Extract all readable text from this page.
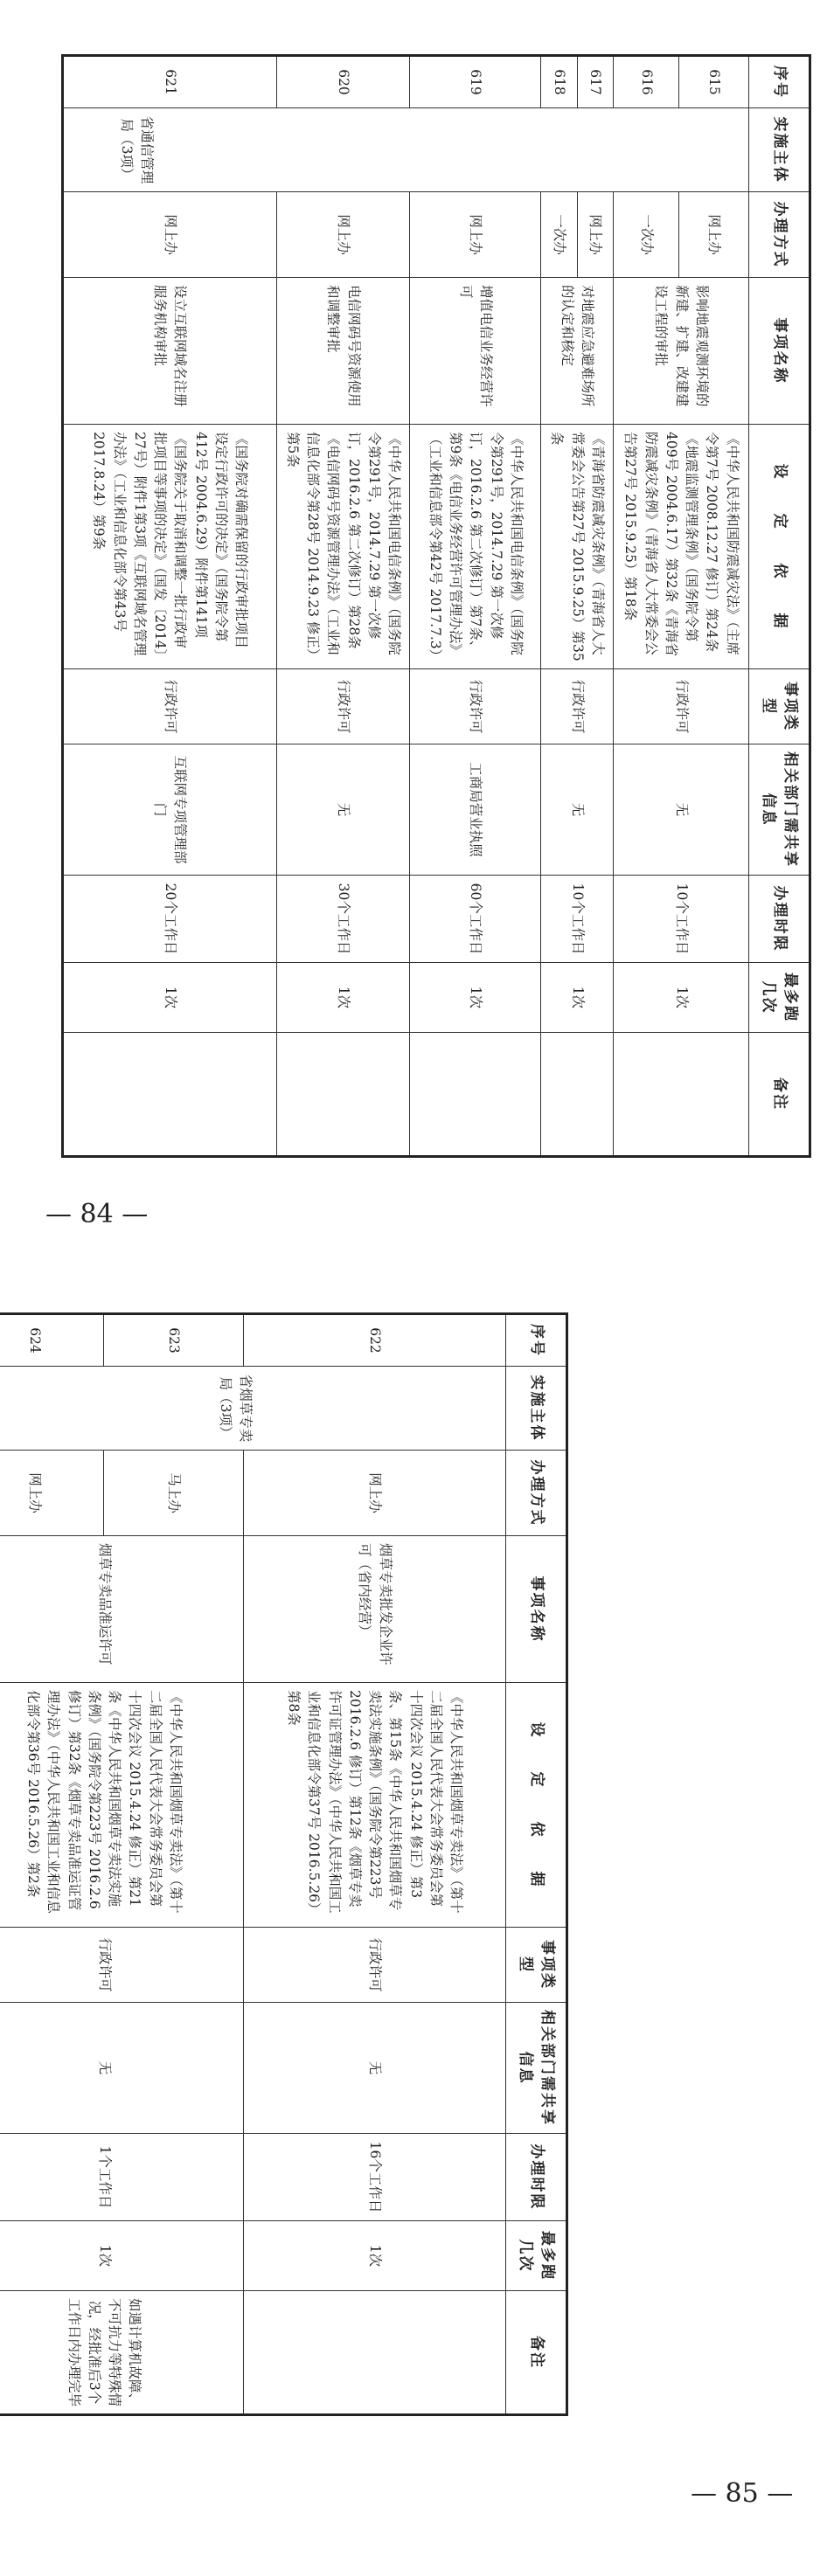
序号	实施主体	办理方式	事项名称	设　　定　　依　　据	事项类型	相关部门需共享信息	办理时限	最多跑几次	备注
615	省通信管理局（3项）	网上办	影响地震观测环境的新建、扩建、改建建设工程的审批	《中华人民共和国防震减灾法》（主席令第7号 2008.12.27 修订）第24条《地震监测管理条例》（国务院令第409号 2004.6.17）第32条《青海省防震减灾条例》（青海省人大常委会公告第27号 2015.9.25）第18条	行政许可	无	10个工作日	1次	
616		一次办							
617		网上办	对地震应急避难场所的认定和核定	《青海省防震减灾条例》（青海省人大常委会公告第27号 2015.9.25）第35条	行政许可	无	10个工作日	1次	
618		一次办							
619		网上办	增值电信业务经营许可	《中华人民共和国电信条例》（国务院令第291号，2014.7.29 第一次修订，2016.2.6 第二次修订）第7条、第9条《电信业务经营许可管理办法》（工业和信息部令第42号 2017.7.3）	行政许可	工商局营业执照	60个工作日	1次	
620		网上办	电信网码号资源使用和调整审批	《中华人民共和国电信条例》（国务院令第291号，2014.7.29 第一次修订，2016.2.6 第二次修订）第28条《电信网码号资源管理办法》（工业和信息化部令第28号 2014.9.23 修正）第5条	行政许可	无	30个工作日	1次	
621		网上办	设立互联网域名注册服务机构审批	《国务院对确需保留的行政审批项目设定行政许可的决定》（国务院令第412号 2004.6.29）附件第141项《国务院关于取消和调整一批行政审批项目等事项的决定》（国发〔2014〕27号）附件1第3项《互联网域名管理办法》（工业和信息化部令第43号 2017.8.24）第9条	行政许可	互联网专项管理部门	20个工作日	1次	
— 84 —
序号	实施主体	办理方式	事项名称	设　　定　　依　　据	事项类型	相关部门需共享信息	办理时限	最多跑几次	备注
622	省烟草专卖局（3项）	网上办	烟草专卖批发企业许可（省内经营）	《中华人民共和国烟草专卖法》（第十二届全国人民代表大会常务委员会第十四次会议 2015.4.24 修正）第3条、第15条《中华人民共和国烟草专卖法实施条例》（国务院令第223号 2016.2.6 修订）第12条《烟草专卖许可证管理办法》（中华人民共和国工业和信息化部令第37号 2016.5.26）第8条	行政许可	无	16个工作日	1次	
623		马上办	烟草专卖品准运许可	《中华人民共和国烟草专卖法》（第十二届全国人民代表大会常务委员会第十四次会议 2015.4.24 修正）第21条《中华人民共和国烟草专卖法实施条例》（国务院令第223号 2016.2.6 修订）第32条《烟草专卖品准运证管理办法》（中华人民共和国工业和信息化部令第36号 2016.5.26）第2条	行政许可	无	1个工作日	1次	如遇计算机故障、不可抗力等特殊情况，经批准后3个工作日内办理完毕
624		网上办							
— 85 —
